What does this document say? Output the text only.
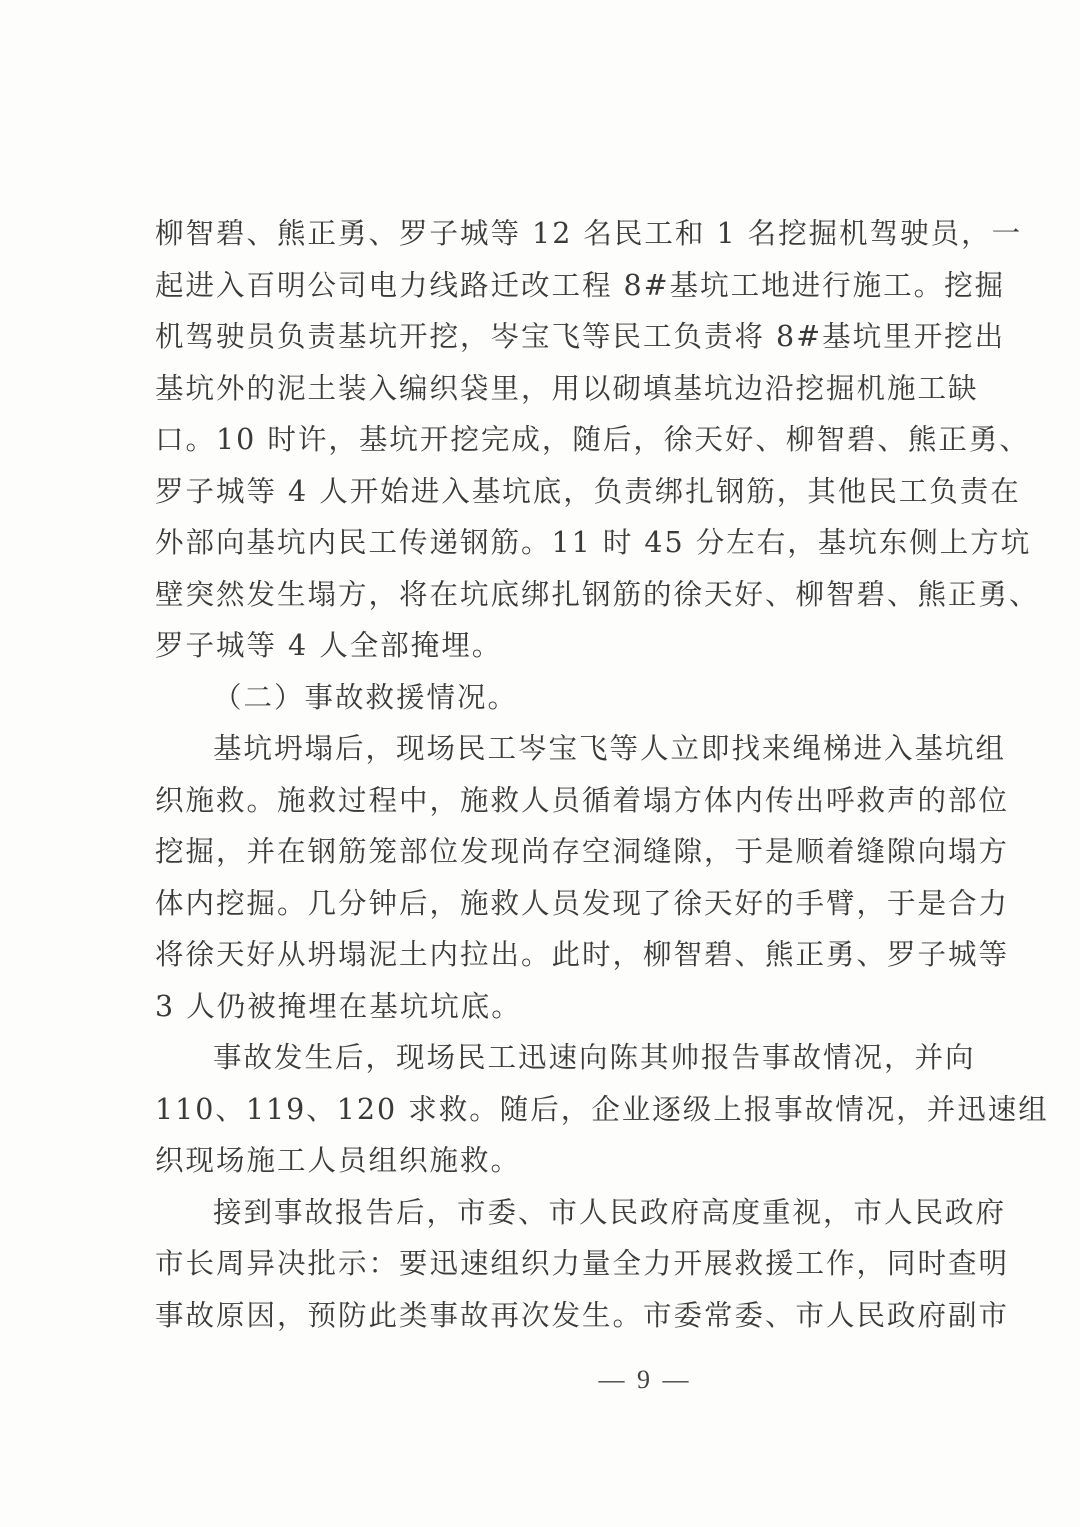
柳智碧、熊正勇、罗子城等 12 名民工和 1 名挖掘机驾驶员，一
起进入百明公司电力线路迁改工程 8#基坑工地进行施工。挖掘
机驾驶员负责基坑开挖，岑宝飞等民工负责将 8#基坑里开挖出
基坑外的泥土装入编织袋里，用以砌填基坑边沿挖掘机施工缺
口。10 时许，基坑开挖完成，随后，徐天好、柳智碧、熊正勇、
罗子城等 4 人开始进入基坑底，负责绑扎钢筋，其他民工负责在
外部向基坑内民工传递钢筋。11 时 45 分左右，基坑东侧上方坑
壁突然发生塌方，将在坑底绑扎钢筋的徐天好、柳智碧、熊正勇、
罗子城等 4 人全部掩埋。
（二）事故救援情况。
基坑坍塌后，现场民工岑宝飞等人立即找来绳梯进入基坑组
织施救。施救过程中，施救人员循着塌方体内传出呼救声的部位
挖掘，并在钢筋笼部位发现尚存空洞缝隙，于是顺着缝隙向塌方
体内挖掘。几分钟后，施救人员发现了徐天好的手臂，于是合力
将徐天好从坍塌泥土内拉出。此时，柳智碧、熊正勇、罗子城等
3 人仍被掩埋在基坑坑底。
事故发生后，现场民工迅速向陈其帅报告事故情况，并向
110、119、120 求救。随后，企业逐级上报事故情况，并迅速组
织现场施工人员组织施救。
接到事故报告后，市委、市人民政府高度重视，市人民政府
市长周异决批示：要迅速组织力量全力开展救援工作，同时查明
事故原因，预防此类事故再次发生。市委常委、市人民政府副市
— 9 —
